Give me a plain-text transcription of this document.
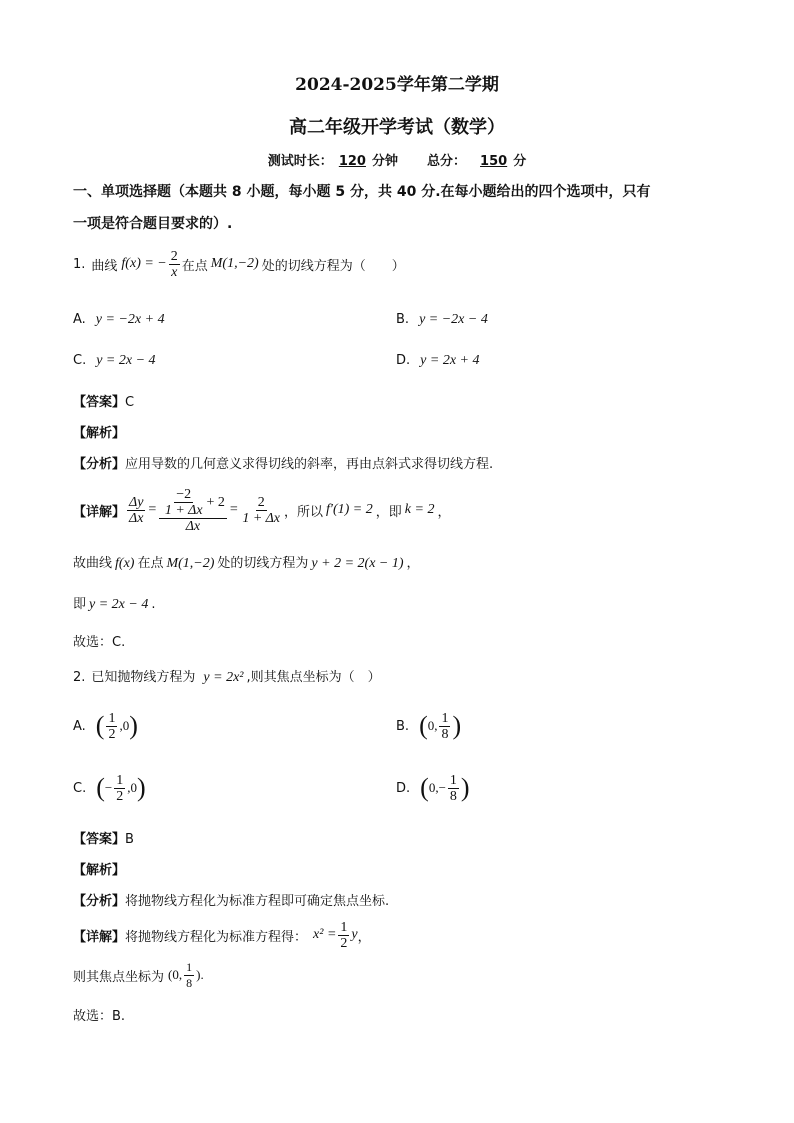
2024-2025学年第二学期
高二年级开学考试（数学）
测试时长： 120 分钟 总分： 150 分
一、单项选择题（本题共 8 小题，每小题 5 分，共 40 分.在每小题给出的四个选项中，只有
一项是符合题目要求的）.
1. 曲线 f(x) = − $\frac{2}{x}$ 在点 M(1,−2) 处的切线方程为（　　）
A. y = −2x + 4	B. y = −2x − 4
C. y = 2x − 4	D. y = 2x + 4
【答案】C
【解析】
【分析】应用导数的几何意义求得切线的斜率，再由点斜式求得切线方程.
【详解】 $\frac{\Delta y}{\Delta x} = \frac{\frac{-2}{1 + \Delta x} + 2}{\Delta x} = \frac{2}{1 + \Delta x}$ ，所以 f′(1) = 2 ，即 k = 2 ，
故曲线 f(x) 在点 M(1,−2) 处的切线方程为 y + 2 = 2(x − 1) ，
即 y = 2x − 4 .
故选：C.
2. 已知抛物线方程为 y = 2x² ,则其焦点坐标为（　）
A. ( $\frac{1}{2} ,0$ )	B. ( 0, $\frac{1}{8}$ )
C. ( − $\frac{1}{2} ,0$ )	D. ( $0,- \frac{1}{8}$ )
【答案】B
【解析】
【分析】将抛物线方程化为标准方程即可确定焦点坐标.
【详解】 将抛物线方程化为标准方程得： $x^2 = \frac{1}{2}$ y ，
则其焦点坐标为 (0, $\frac{1}{8}$ ).
故选：B.
